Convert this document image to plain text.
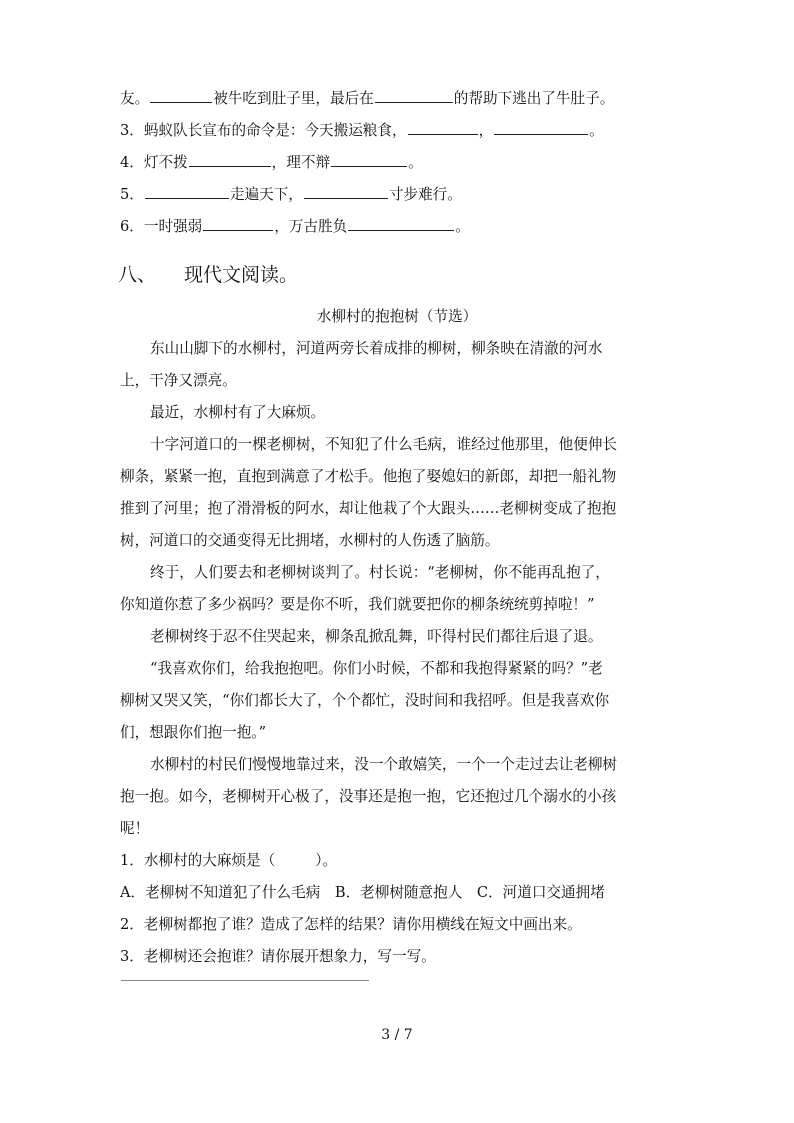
友。	被牛吃到肚子里，最后在	的帮助下逃出了牛肚子。
3．蚂蚁队长宣布的命令是：今天搬运粮食，	，	。
4．灯不拨	，理不辩	。
5．	走遍天下，	寸步难行。
6．一时强弱	，万古胜负	。
八、 现代文阅读。
水柳村的抱抱树（节选）
东山山脚下的水柳村，河道两旁长着成排的柳树，柳条映在清澈的河水
上，干净又漂亮。
最近，水柳村有了大麻烦。
十字河道口的一棵老柳树，不知犯了什么毛病，谁经过他那里，他便伸长
柳条，紧紧一抱，直抱到满意了才松手。他抱了娶媳妇的新郎，却把一船礼物
推到了河里；抱了滑滑板的阿水，却让他栽了个大跟头……老柳树变成了抱抱
树，河道口的交通变得无比拥堵，水柳村的人伤透了脑筋。
终于，人们要去和老柳树谈判了。村长说：“老柳树，你不能再乱抱了，
你知道你惹了多少祸吗？要是你不听，我们就要把你的柳条统统剪掉啦！”
老柳树终于忍不住哭起来，柳条乱掀乱舞，吓得村民们都往后退了退。
“我喜欢你们，给我抱抱吧。你们小时候，不都和我抱得紧紧的吗？”老
柳树又哭又笑，“你们都长大了，个个都忙，没时间和我招呼。但是我喜欢你
们，想跟你们抱一抱。”
水柳村的村民们慢慢地靠过来，没一个敢嬉笑，一个一个走过去让老柳树
抱一抱。如今，老柳树开心极了，没事还是抱一抱，它还抱过几个溺水的小孩
呢！
1．水柳村的大麻烦是（	）。
A．老柳树不知道犯了什么毛病　B．老柳树随意抱人　C．河道口交通拥堵
2．老柳树都抱了谁？造成了怎样的结果？请你用横线在短文中画出来。
3．老柳树还会抱谁？请你展开想象力，写一写。
3 / 7
